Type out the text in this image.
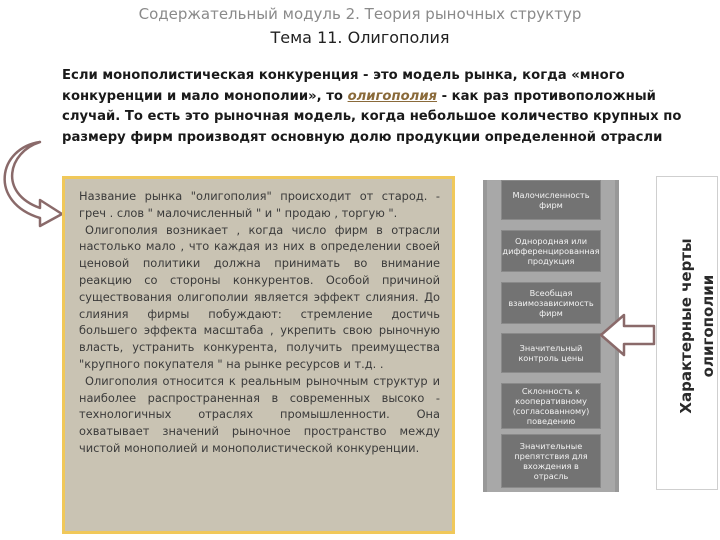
Содержательный модуль 2. Теория рыночных структур
Тема 11. Олигополия
Если монополистическая конкуренция - это модель рынка, когда «много конкуренции и мало монополии», то олигополия - как раз противоположный случай. То есть это рыночная модель, когда небольшое количество крупных по размеру фирм производят основную долю продукции определенной отрасли

Название рынка "олигополия" происходит от старод. - греч . слов " малочисленный " и " продаю , торгую ".

Олигополия возникает , когда число фирм в отрасли настолько мало , что каждая из них в определении своей ценовой политики должна принимать во внимание реакцию со стороны конкурентов. Особой причиной существования олигополии является эффект слияния. До слияния фирмы побуждают: стремление достичь большего эффекта масштаба , укрепить свою рыночную власть, устранить конкурента, получить преимущества "крупного покупателя " на рынке ресурсов и т.д. .

Олигополия относится к реальным рыночным структур и наиболее распространенная в современных высоко - технологичных отраслях промышленности. Она охватывает значений рыночное пространство между чистой монополией и монополистической конкуренции.

Малочисленность фирм
Однородная или дифференцированная продукция
Всеобщая взаимозависимость фирм
Значительный контроль цены
Склонность к кооперативному (согласованному) поведению
Значительные препятствия для вхождения в отрасль
Характерные черты олигополии
